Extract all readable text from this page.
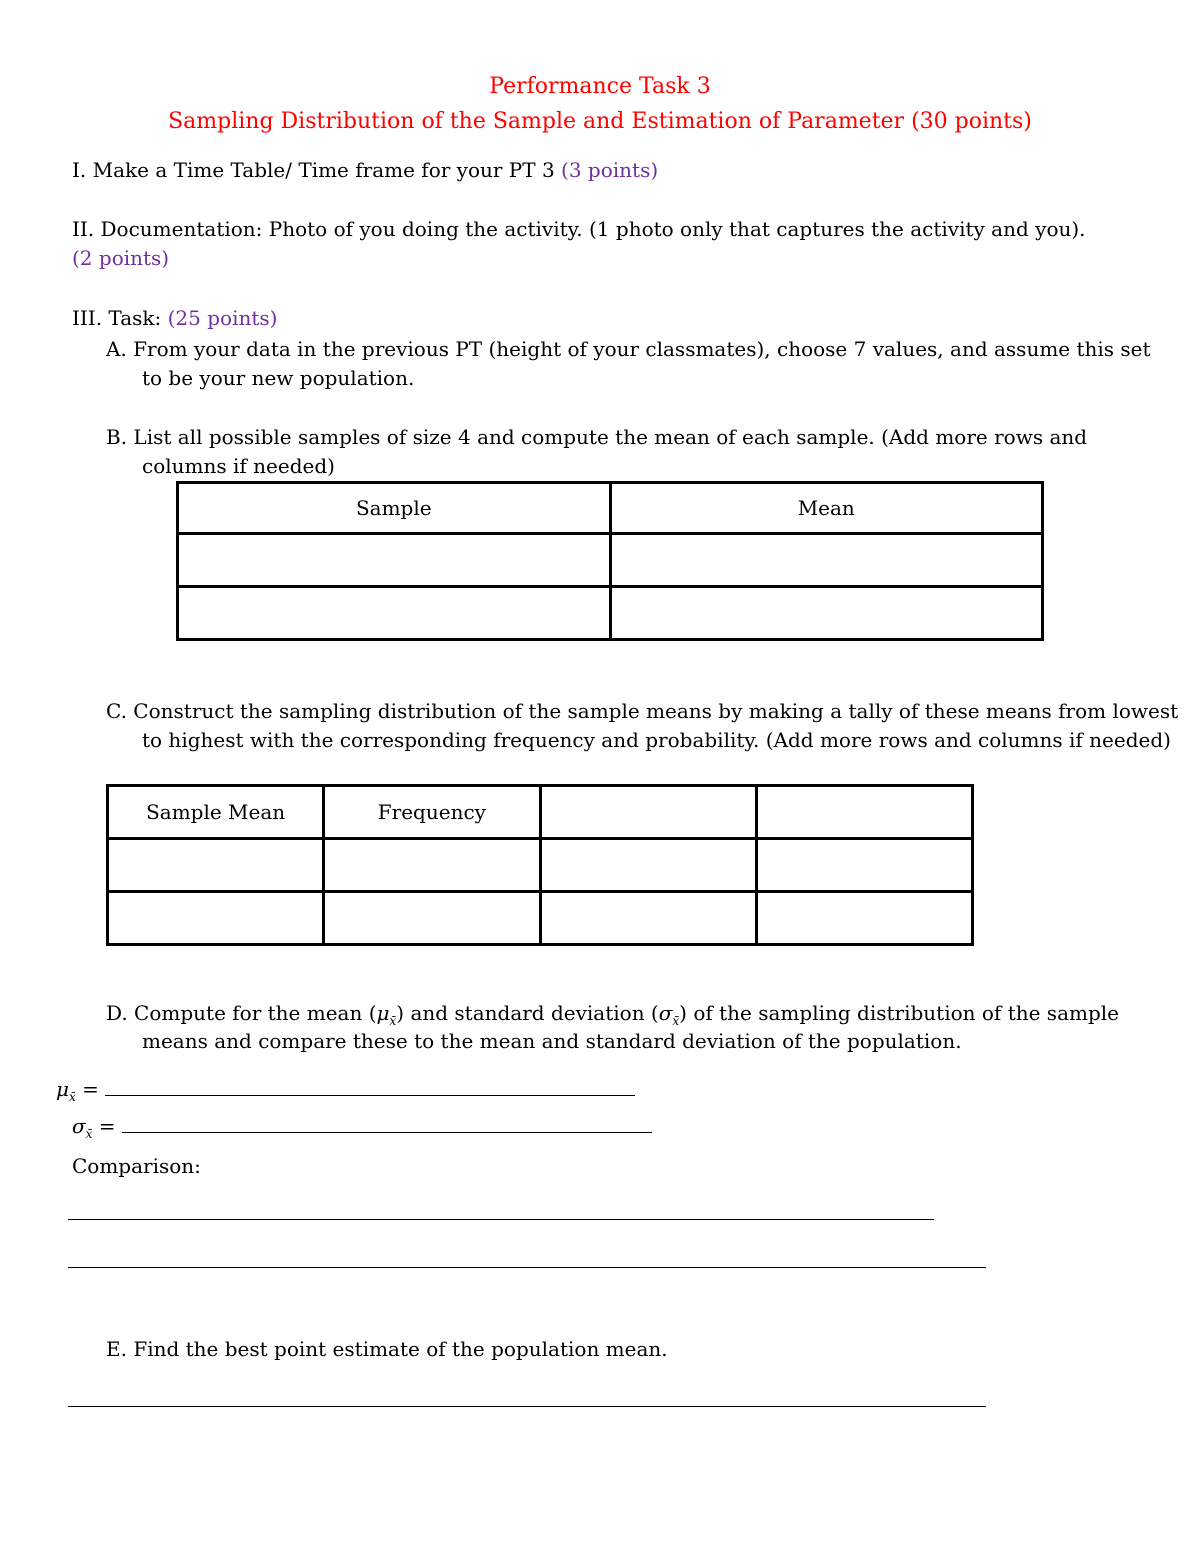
Performance Task 3
Sampling Distribution of the Sample and Estimation of Parameter (30 points)
I. Make a Time Table/ Time frame for your PT 3 (3 points)
II. Documentation: Photo of you doing the activity. (1 photo only that captures the activity and you). (2 points)
III. Task: (25 points)
A. From your data in the previous PT (height of your classmates), choose 7 values, and assume this set to be your new population.
B. List all possible samples of size 4 and compute the mean of each sample. (Add more rows and columns if needed)
Sample	Mean

C. Construct the sampling distribution of the sample means by making a tally of these means from lowest to highest with the corresponding frequency and probability. (Add more rows and columns if needed)
Sample Mean	Frequency		

D. Compute for the mean $(\mu_{x̄})$ and standard deviation $(\sigma_{x̄})$ of the sampling distribution of the sample means and compare these to the mean and standard deviation of the population.
$\mu_{x̄}$ =
$\sigma_{x̄}$ =
Comparison:
E. Find the best point estimate of the population mean.
